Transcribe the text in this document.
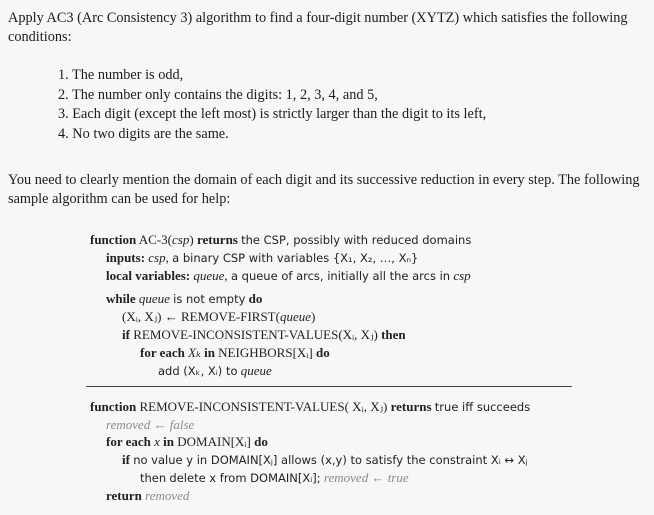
Apply AC3 (Arc Consistency 3) algorithm to find a four-digit number (XYTZ) which satisfies the following conditions:

1. The number is odd,
2. The number only contains the digits: 1, 2, 3, 4, and 5,
3. Each digit (except the left most) is strictly larger than the digit to its left,
4. No two digits are the same.

You need to clearly mention the domain of each digit and its successive reduction in every step. The following sample algorithm can be used for help:

function AC-3(csp) returns the CSP, possibly with reduced domains
inputs: csp, a binary CSP with variables {X₁, X₂, …, Xₙ}
local variables: queue, a queue of arcs, initially all the arcs in csp
while queue is not empty do
(Xᵢ, Xⱼ) ← REMOVE-FIRST(queue)
if REMOVE-INCONSISTENT-VALUES(Xᵢ, Xⱼ) then
for each Xₖ in NEIGHBORS[Xᵢ] do
add (Xₖ, Xᵢ) to queue
function REMOVE-INCONSISTENT-VALUES( Xᵢ, Xⱼ) returns true iff succeeds
removed ← false
for each x in DOMAIN[Xᵢ] do
if no value y in DOMAIN[Xⱼ] allows (x,y) to satisfy the constraint Xᵢ ↔ Xⱼ
then delete x from DOMAIN[Xᵢ]; removed ← true
return removed
